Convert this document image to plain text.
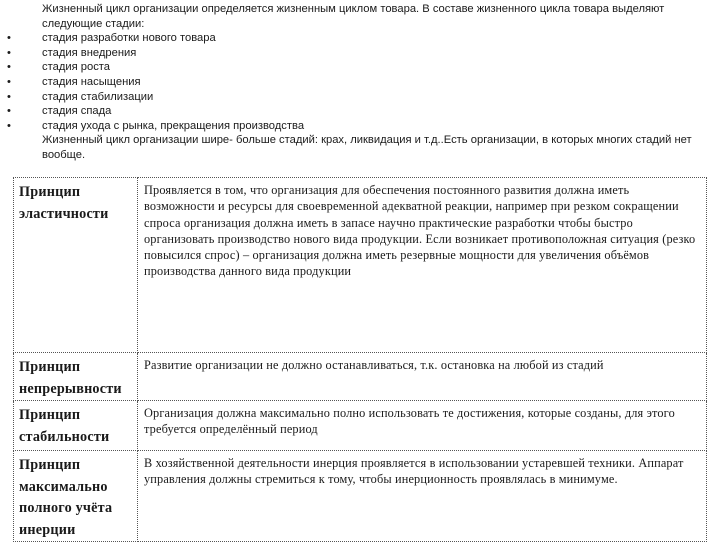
Жизненный цикл организации определяется жизненным циклом товара. В составе жизненного цикла товара выделяют следующие стадии:

•	стадия разработки нового товара
•	стадия внедрения
•	стадия роста
•	стадия насыщения
•	стадия стабилизации
•	стадия спада
•	стадия ухода с рынка, прекращения производства

Жизненный цикл организации шире- больше стадий: крах, ликвидация и т.д..Есть организации, в которых многих стадий нет вообще.

Принцип эластичности	Проявляется в том, что организация для обеспечения постоянного развития должна иметь возможности и ресурсы для своевременной адекватной реакции, например при резком сокращении спроса организация должна иметь в запасе научно практические разработки чтобы быстро организовать производство нового вида продукции. Если возникает противоположная ситуация (резко повысился спрос) – организация должна иметь резервные мощности для увеличения объёмов производства данного вида продукции
Принцип непрерывности	Развитие организации не должно останавливаться, т.к. остановка на любой из стадий
Принцип стабильности	Организация должна максимально полно использовать те достижения, которые созданы, для этого требуется определённый период
Принцип максимально полного учёта инерции	В хозяйственной деятельности инерция проявляется в использовании устаревшей техники. Аппарат управления должны стремиться к тому, чтобы инерционность проявлялась в минимуме.
